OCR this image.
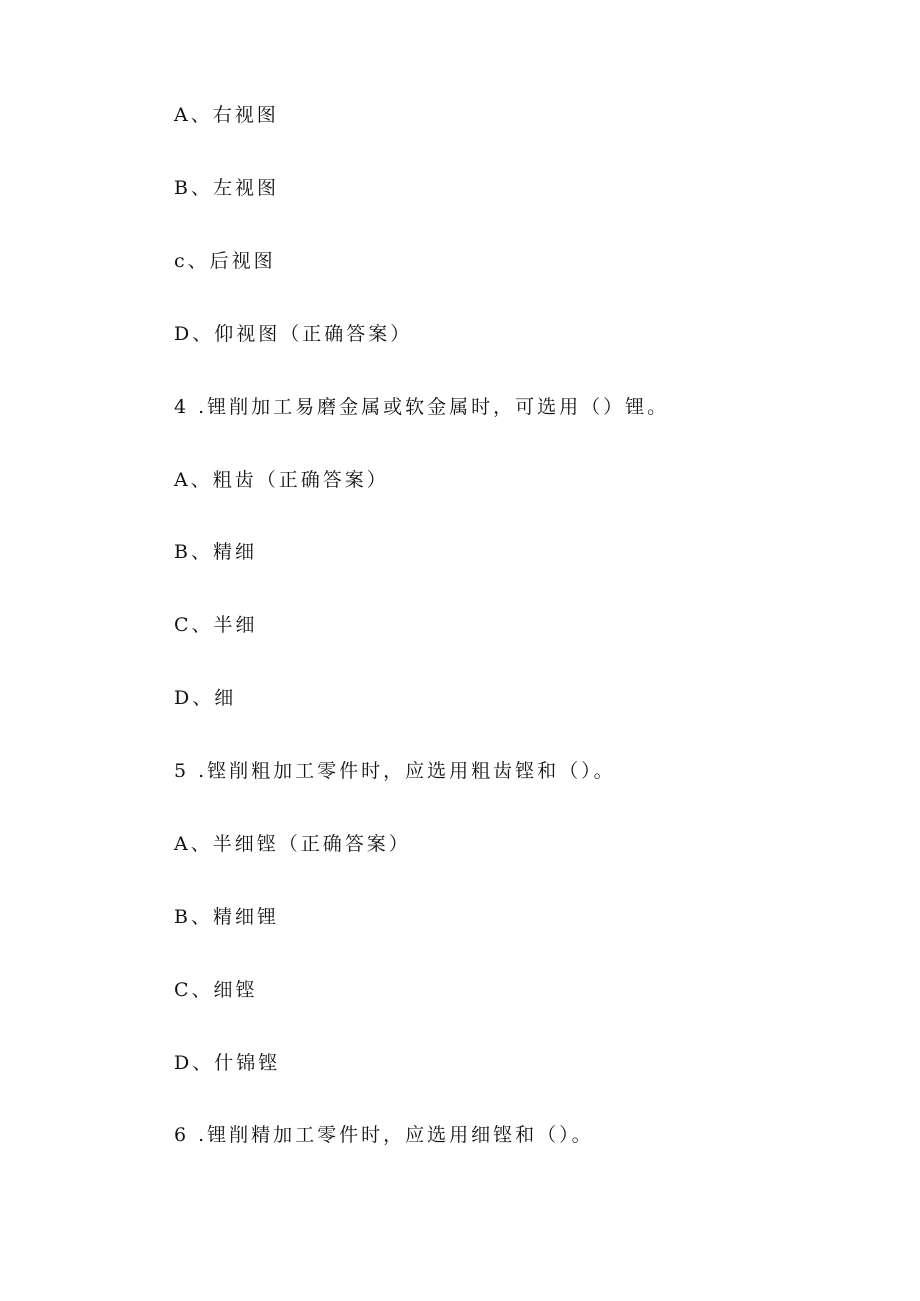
A、右视图
B、左视图
c、后视图
D、仰视图（正确答案）
4 .锂削加工易磨金属或软金属时，可选用（）锂。
A、粗齿（正确答案）
B、精细
C、半细
D、细
5 .铿削粗加工零件时，应选用粗齿铿和（）。
A、半细铿（正确答案）
B、精细锂
C、细铿
D、什锦铿
6 .锂削精加工零件时，应选用细铿和（）。
